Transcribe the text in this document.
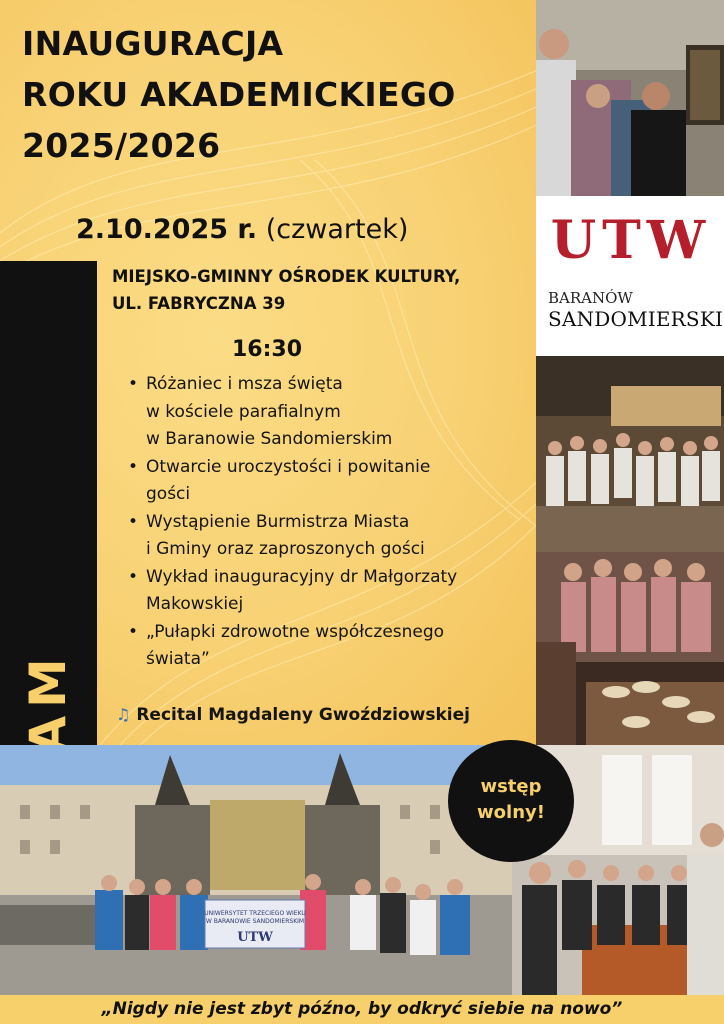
INAUGURACJA
ROKU AKADEMICKIEGO
2025/2026
2.10.2025 r. (czwartek)
MIEJSKO-GMINNY OŚRODEK KULTURY,
UL. FABRYCZNA 39
16:30
• Różaniec i msza święta
w kościele parafialnym
w Baranowie Sandomierskim
• Otwarcie uroczystości i powitanie
gości
• Wystąpienie Burmistrza Miasta
i Gminy oraz zaproszonych gości
• Wykład inauguracyjny dr Małgorzaty
Makowskiej
• „Pułapki zdrowotne współczesnego
świata”
♫ Recital Magdaleny Gwoździowskiej
UTW
BARANÓW
SANDOMIERSKI
UNIWERSYTET TRZECIEGO WIEKU
W BARANOWIE SANDOMIERSKIM
UTW
wstęp
wolny!
„Nigdy nie jest zbyt późno, by odkryć siebie na nowo”
